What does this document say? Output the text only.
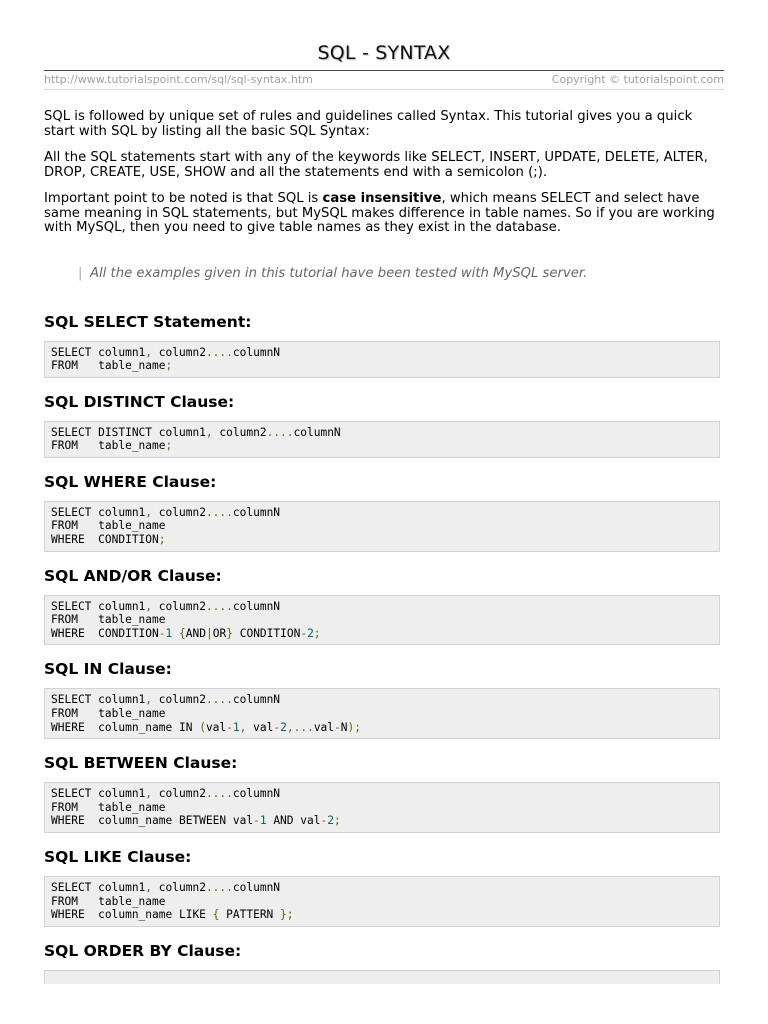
SQL - SYNTAX
http://www.tutorialspoint.com/sql/sql-syntax.htm	Copyright © tutorialspoint.com

SQL is followed by unique set of rules and guidelines called Syntax. This tutorial gives you a quick start with SQL by listing all the basic SQL Syntax:

All the SQL statements start with any of the keywords like SELECT, INSERT, UPDATE, DELETE, ALTER, DROP, CREATE, USE, SHOW and all the statements end with a semicolon (;).

Important point to be noted is that SQL is case insensitive, which means SELECT and select have same meaning in SQL statements, but MySQL makes difference in table names. So if you are working with MySQL, then you need to give table names as they exist in the database.

| All the examples given in this tutorial have been tested with MySQL server.
SQL SELECT Statement:
SELECT column1, column2....columnN
FROM   table_name;
SQL DISTINCT Clause:
SELECT DISTINCT column1, column2....columnN
FROM   table_name;
SQL WHERE Clause:
SELECT column1, column2....columnN
FROM   table_name
WHERE  CONDITION;
SQL AND/OR Clause:
SELECT column1, column2....columnN
FROM   table_name
WHERE  CONDITION-1 {AND|OR} CONDITION-2;
SQL IN Clause:
SELECT column1, column2....columnN
FROM   table_name
WHERE  column_name IN (val-1, val-2,...val-N);
SQL BETWEEN Clause:
SELECT column1, column2....columnN
FROM   table_name
WHERE  column_name BETWEEN val-1 AND val-2;
SQL LIKE Clause:
SELECT column1, column2....columnN
FROM   table_name
WHERE  column_name LIKE { PATTERN };
SQL ORDER BY Clause:
